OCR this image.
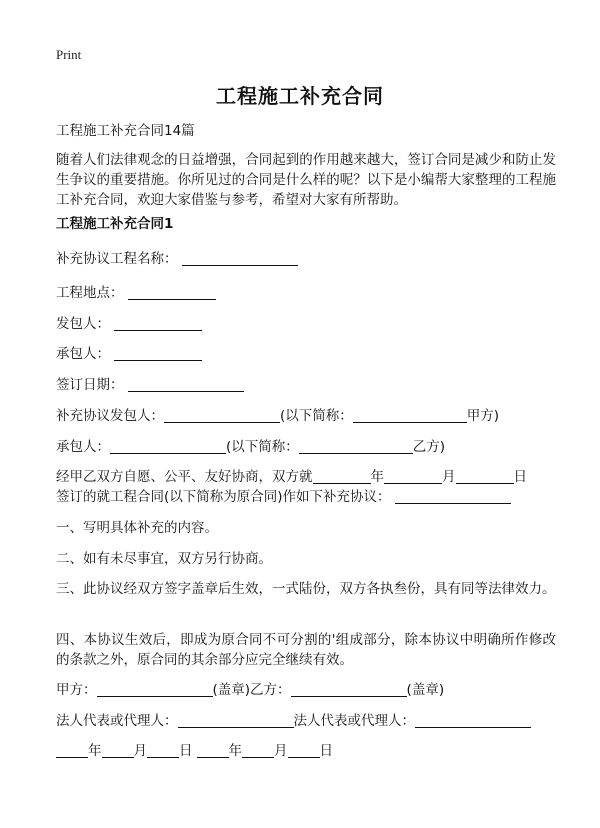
Print
工程施工补充合同
工程施工补充合同14篇
随着人们法律观念的日益增强，合同起到的作用越来越大，签订合同是减少和防止发生争议的重要措施。你所见过的合同是什么样的呢？以下是小编帮大家整理的工程施工补充合同，欢迎大家借鉴与参考，希望对大家有所帮助。
工程施工补充合同1
补充协议工程名称：
工程地点：
发包人：
承包人：
签订日期：
补充协议发包人：	(以下简称：	甲方)
承包人：	(以下简称：	乙方)
经甲乙双方自愿、公平、友好协商，双方就	年	月	日
签订的就工程合同(以下简称为原合同)作如下补充协议：
一、写明具体补充的内容。
二、如有未尽事宜，双方另行协商。
三、此协议经双方签字盖章后生效，一式陆份，双方各执叁份，具有同等法律效力。
四、本协议生效后，即成为原合同不可分割的'组成部分，除本协议中明确所作修改的条款之外，原合同的其余部分应完全继续有效。
甲方：	(盖章)乙方：	(盖章)
法人代表或代理人：	法人代表或代理人：
年 月 日	年 月 日
